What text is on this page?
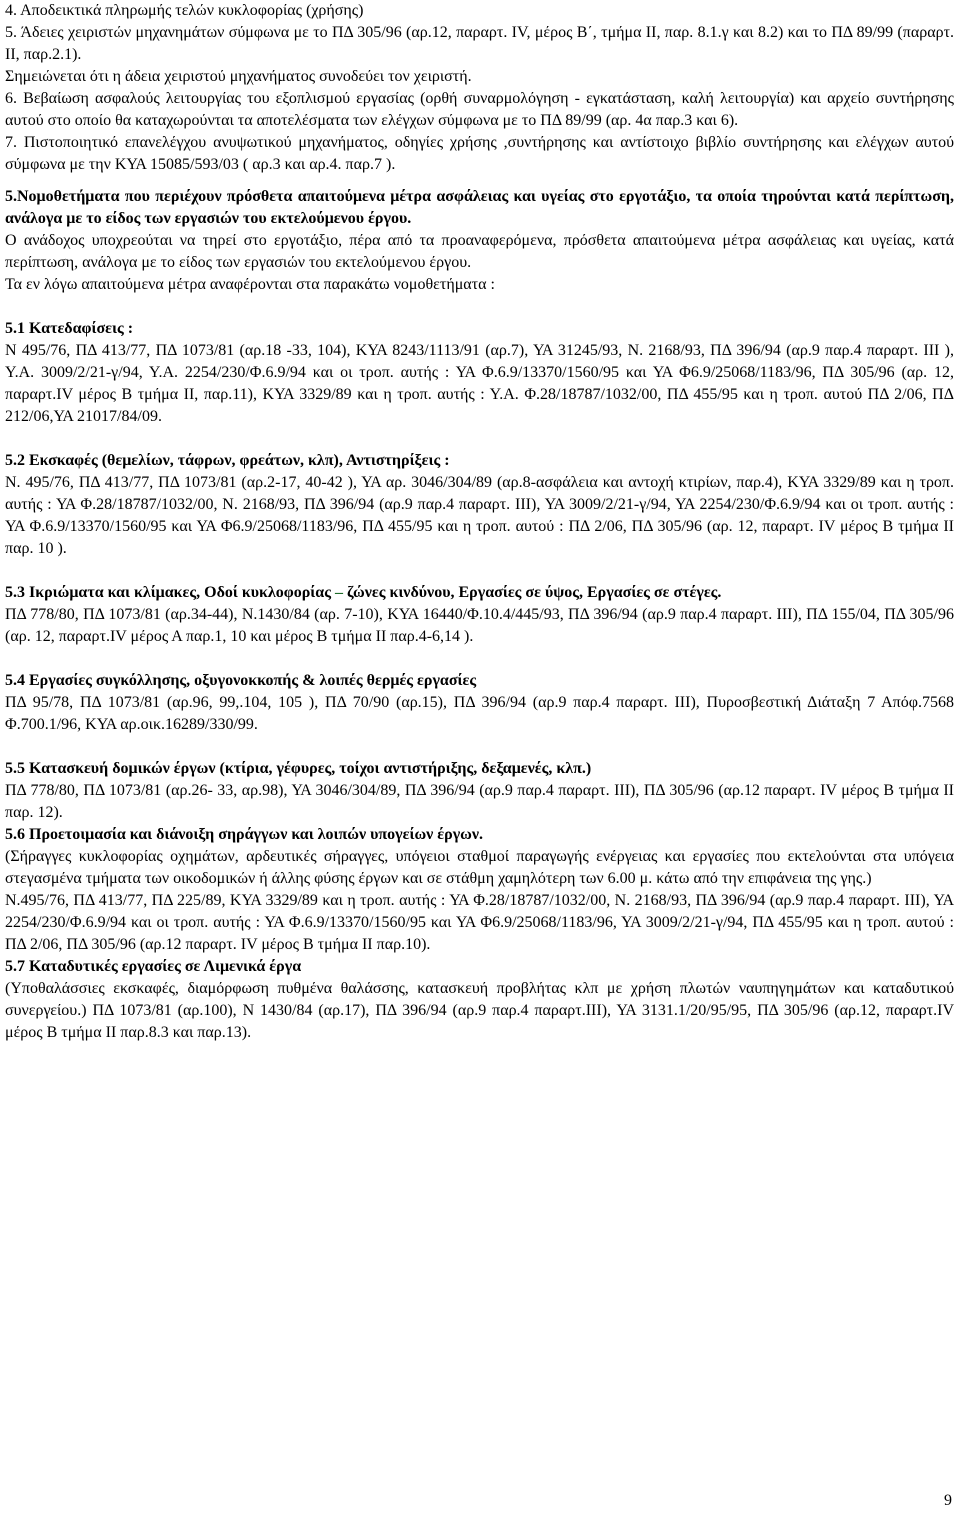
4. Αποδεικτικά πληρωμής τελών κυκλοφορίας (χρήσης)

5. Άδειες χειριστών μηχανημάτων σύμφωνα με το ΠΔ 305/96 (αρ.12, παραρτ. IV, μέρος Β΄, τμήμα ΙΙ, παρ. 8.1.γ και 8.2) και το ΠΔ 89/99 (παραρτ. ΙΙ, παρ.2.1).

Σημειώνεται ότι η άδεια χειριστού μηχανήματος συνοδεύει τον χειριστή.

6. Βεβαίωση ασφαλούς λειτουργίας του εξοπλισμού εργασίας (ορθή συναρμολόγηση - εγκατάσταση, καλή λειτουργία) και αρχείο συντήρησης αυτού στο οποίο θα καταχωρούνται τα αποτελέσματα των ελέγχων σύμφωνα με το ΠΔ 89/99 (αρ. 4α παρ.3 και 6).

7. Πιστοποιητικό επανελέγχου ανυψωτικού μηχανήματος, οδηγίες χρήσης ,συντήρησης και αντίστοιχο βιβλίο συντήρησης και ελέγχων αυτού σύμφωνα με την ΚΥΑ 15085/593/03 ( αρ.3 και αρ.4. παρ.7 ).

5.Νομοθετήματα που περιέχουν πρόσθετα απαιτούμενα μέτρα ασφάλειας και υγείας στο εργοτάξιο, τα οποία τηρούνται κατά περίπτωση, ανάλογα με το είδος των εργασιών του εκτελούμενου έργου.

Ο ανάδοχος υποχρεούται να τηρεί στο εργοτάξιο, πέρα από τα προαναφερόμενα, πρόσθετα απαιτούμενα μέτρα ασφάλειας και υγείας, κατά περίπτωση, ανάλογα με το είδος των εργασιών του εκτελούμενου έργου.

Τα εν λόγω απαιτούμενα μέτρα αναφέρονται στα παρακάτω νομοθετήματα :

5.1 Κατεδαφίσεις :

Ν 495/76, ΠΔ 413/77, ΠΔ 1073/81 (αρ.18 -33, 104), ΚΥΑ 8243/1113/91 (αρ.7), ΥΑ 31245/93, Ν. 2168/93, ΠΔ 396/94 (αρ.9 παρ.4 παραρτ. ΙΙΙ ), Υ.Α. 3009/2/21-γ/94, Υ.Α. 2254/230/Φ.6.9/94 και οι τροπ. αυτής : ΥΑ Φ.6.9/13370/1560/95 και ΥΑ Φ6.9/25068/1183/96, ΠΔ 305/96 (αρ. 12, παραρτ.IV μέρος Β τμήμα ΙΙ, παρ.11), ΚΥΑ 3329/89 και η τροπ. αυτής : Υ.Α. Φ.28/18787/1032/00, ΠΔ 455/95 και η τροπ. αυτού ΠΔ 2/06, ΠΔ 212/06,ΥΑ 21017/84/09.

5.2 Εκσκαφές (θεμελίων, τάφρων, φρεάτων, κλπ), Αντιστηρίξεις :

Ν. 495/76, ΠΔ 413/77, ΠΔ 1073/81 (αρ.2-17, 40-42 ), ΥΑ αρ. 3046/304/89 (αρ.8-ασφάλεια και αντοχή κτιρίων, παρ.4), ΚΥΑ 3329/89 και η τροπ. αυτής : ΥΑ Φ.28/18787/1032/00, Ν. 2168/93, ΠΔ 396/94 (αρ.9 παρ.4 παραρτ. ΙΙΙ), ΥΑ 3009/2/21-γ/94, ΥΑ 2254/230/Φ.6.9/94 και οι τροπ. αυτής : ΥΑ Φ.6.9/13370/1560/95 και ΥΑ Φ6.9/25068/1183/96, ΠΔ 455/95 και η τροπ. αυτού : ΠΔ 2/06, ΠΔ 305/96 (αρ. 12, παραρτ. IV μέρος Β τμήμα ΙΙ παρ. 10 ).

5.3 Ικριώματα και κλίμακες, Οδοί κυκλοφορίας – ζώνες κινδύνου, Εργασίες σε ύψος, Εργασίες σε στέγες.

ΠΔ 778/80, ΠΔ 1073/81 (αρ.34-44), Ν.1430/84 (αρ. 7-10), ΚΥΑ 16440/Φ.10.4/445/93, ΠΔ 396/94 (αρ.9 παρ.4 παραρτ. ΙΙΙ), ΠΔ 155/04, ΠΔ 305/96 (αρ. 12, παραρτ.IV μέρος Α παρ.1, 10 και μέρος Β τμήμα ΙΙ παρ.4-6,14 ).

5.4 Εργασίες συγκόλλησης, οξυγονοκκοπής & λοιπές θερμές εργασίες

ΠΔ 95/78, ΠΔ 1073/81 (αρ.96, 99,.104, 105 ), ΠΔ 70/90 (αρ.15), ΠΔ 396/94 (αρ.9 παρ.4 παραρτ. ΙΙΙ), Πυροσβεστική Διάταξη 7 Απόφ.7568 Φ.700.1/96, ΚΥΑ αρ.οικ.16289/330/99.

5.5 Κατασκευή δομικών έργων (κτίρια, γέφυρες, τοίχοι αντιστήριξης, δεξαμενές, κλπ.)

ΠΔ 778/80, ΠΔ 1073/81 (αρ.26- 33, αρ.98), ΥΑ 3046/304/89, ΠΔ 396/94 (αρ.9 παρ.4 παραρτ. ΙΙΙ), ΠΔ 305/96 (αρ.12 παραρτ. IV μέρος Β τμήμα ΙΙ παρ. 12).

5.6 Προετοιμασία και διάνοιξη σηράγγων και λοιπών υπογείων έργων.

(Σήραγγες κυκλοφορίας οχημάτων, αρδευτικές σήραγγες, υπόγειοι σταθμοί παραγωγής ενέργειας και εργασίες που εκτελούνται στα υπόγεια στεγασμένα τμήματα των οικοδομικών ή άλλης φύσης έργων και σε στάθμη χαμηλότερη των 6.00 μ. κάτω από την επιφάνεια της γης.)

Ν.495/76, ΠΔ 413/77, ΠΔ 225/89, ΚΥΑ 3329/89 και η τροπ. αυτής : ΥΑ Φ.28/18787/1032/00, Ν. 2168/93, ΠΔ 396/94 (αρ.9 παρ.4 παραρτ. ΙΙΙ), ΥΑ 2254/230/Φ.6.9/94 και οι τροπ. αυτής : ΥΑ Φ.6.9/13370/1560/95 και ΥΑ Φ6.9/25068/1183/96, ΥΑ 3009/2/21-γ/94, ΠΔ 455/95 και η τροπ. αυτού : ΠΔ 2/06, ΠΔ 305/96 (αρ.12 παραρτ. IV μέρος Β τμήμα ΙΙ παρ.10).

5.7 Καταδυτικές εργασίες σε Λιμενικά έργα

(Υποθαλάσσιες εκσκαφές, διαμόρφωση πυθμένα θαλάσσης, κατασκευή προβλήτας κλπ με χρήση πλωτών ναυπηγημάτων και καταδυτικού συνεργείου.) ΠΔ 1073/81 (αρ.100), Ν 1430/84 (αρ.17), ΠΔ 396/94 (αρ.9 παρ.4 παραρτ.ΙΙΙ), ΥΑ 3131.1/20/95/95, ΠΔ 305/96 (αρ.12, παραρτ.IV μέρος Β τμήμα ΙΙ παρ.8.3 και παρ.13).

9
